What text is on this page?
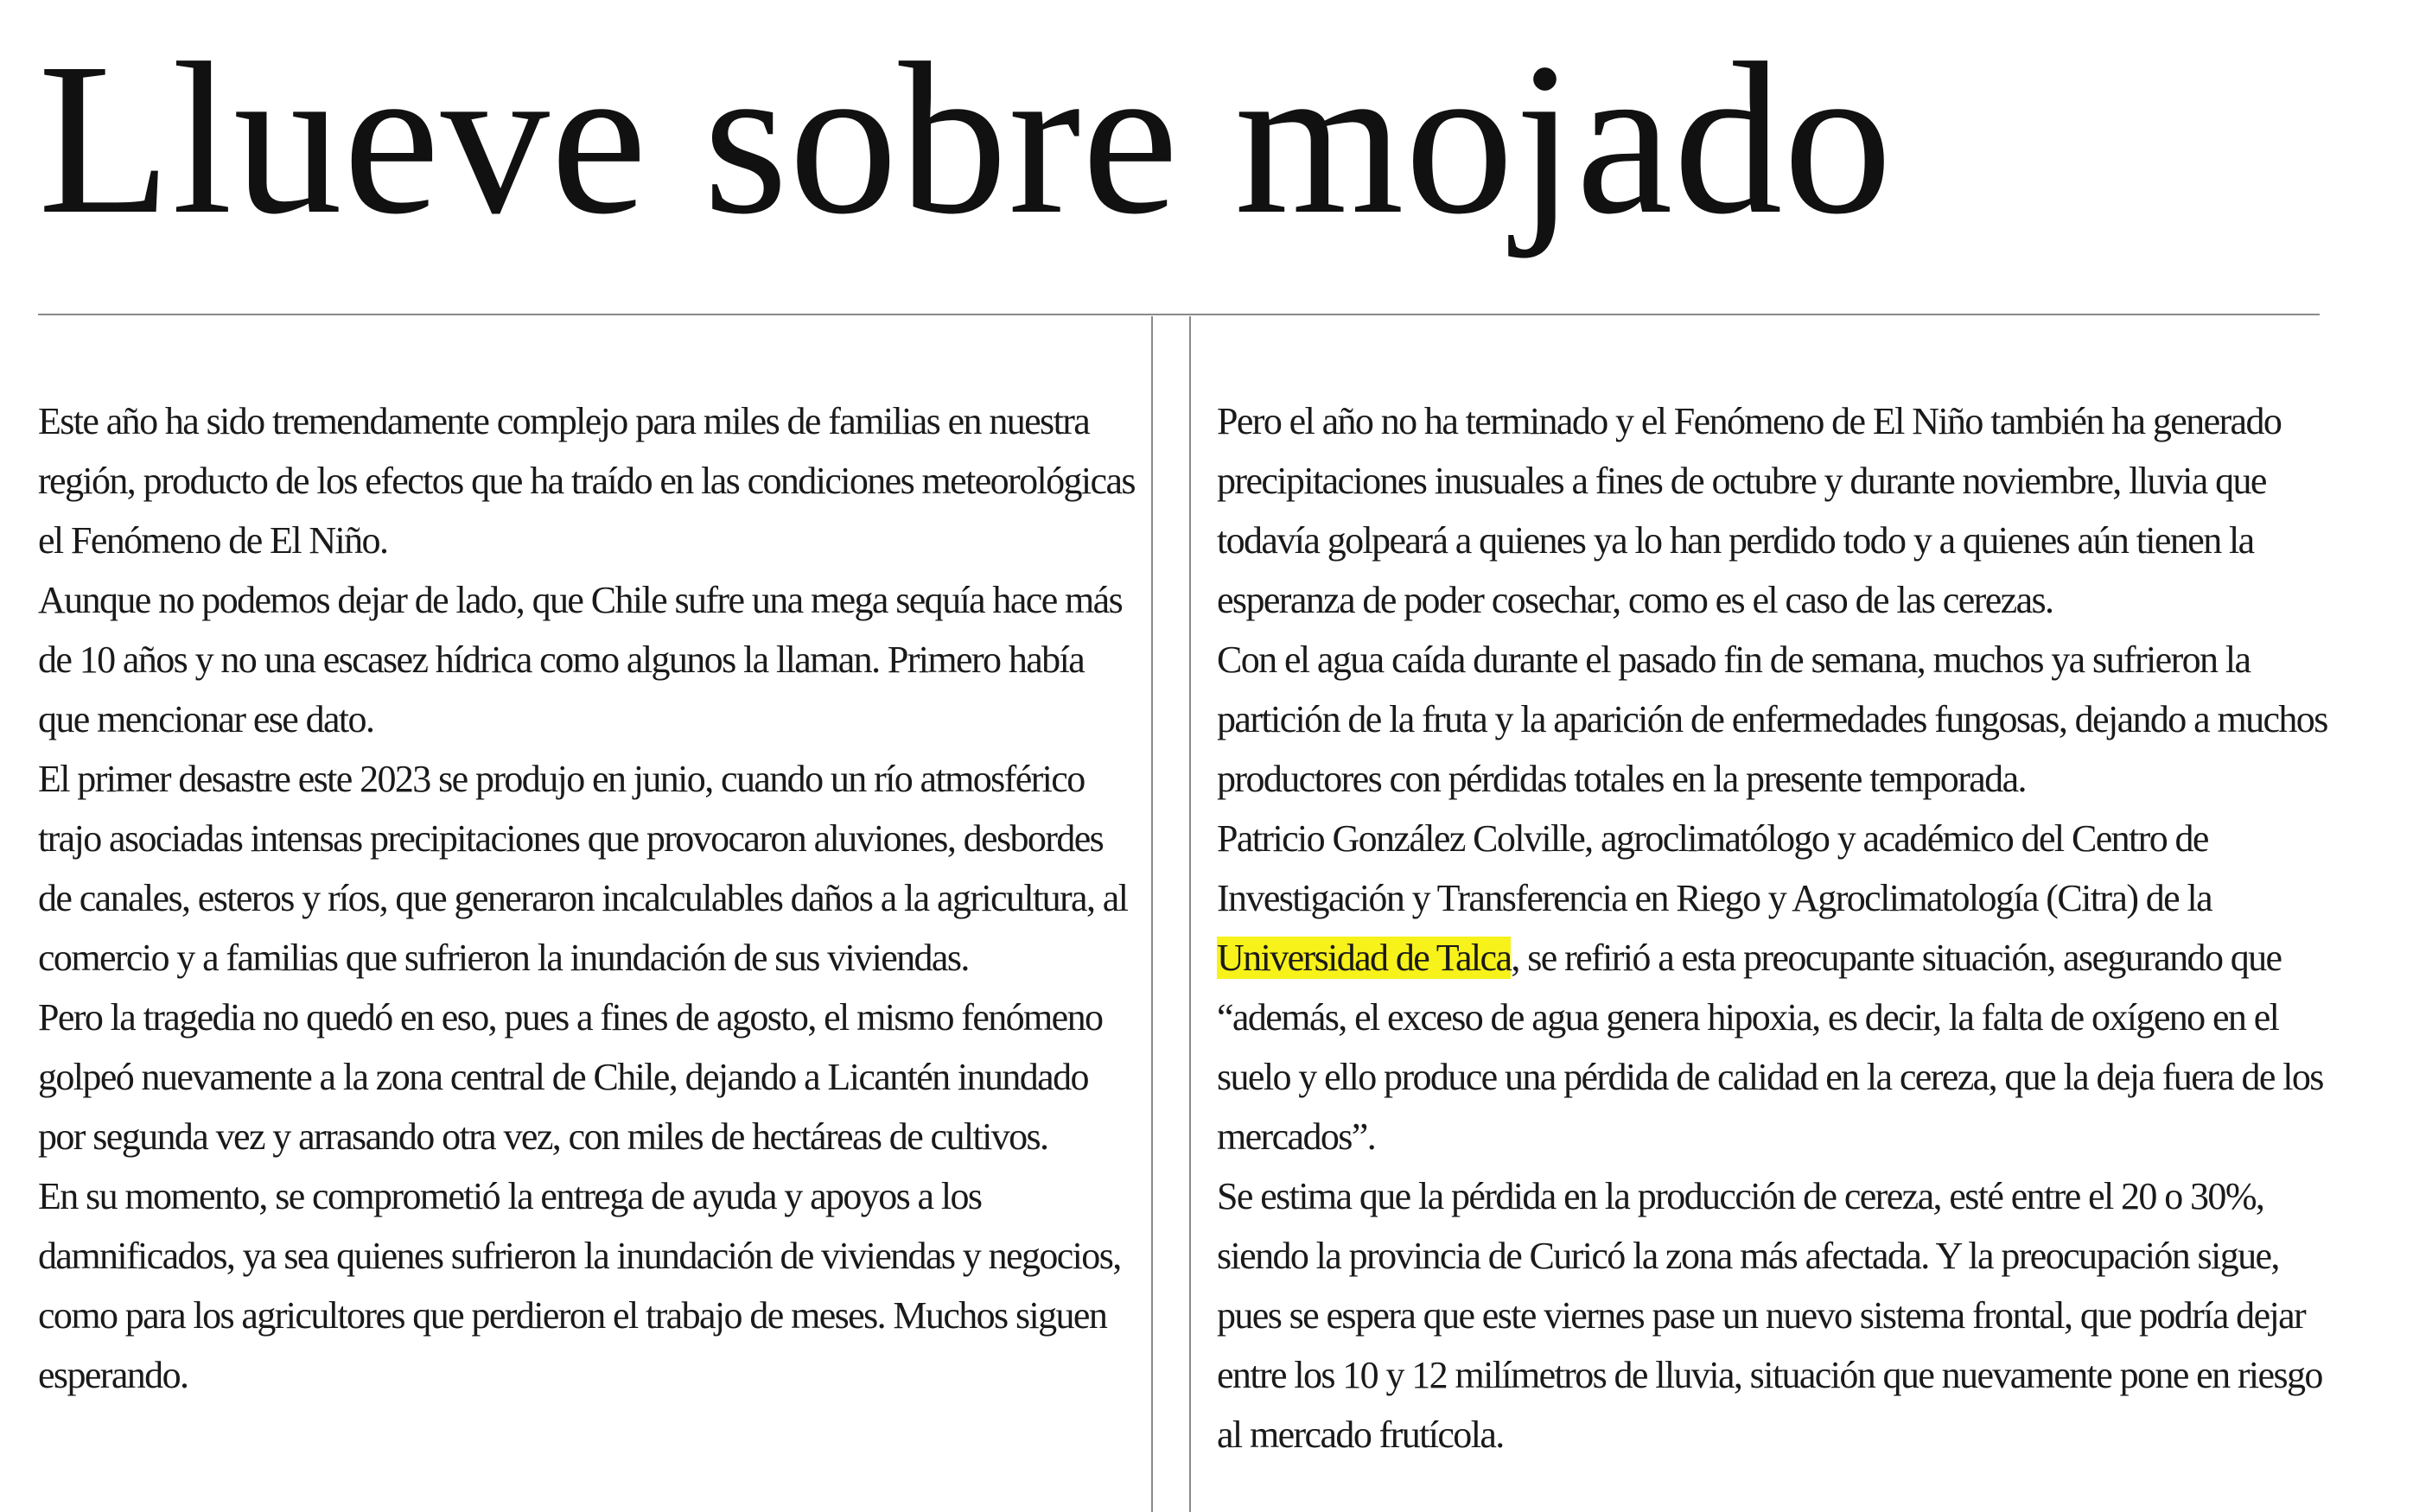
Llueve sobre mojado

Este año ha sido tremendamente complejo para miles de familias en nuestra región, producto de los efectos que ha traído en las condiciones meteorológicas el Fenómeno de El Niño.

Aunque no podemos dejar de lado, que Chile sufre una mega sequía hace más de 10 años y no una escasez hídrica como algunos la llaman. Primero había que mencionar ese dato.

El primer desastre este 2023 se produjo en junio, cuando un río atmosférico trajo asociadas intensas precipitaciones que provocaron aluviones, desbordes de canales, esteros y ríos, que generaron incalculables daños a la agricultura, al comercio y a familias que sufrieron la inundación de sus viviendas.

Pero la tragedia no quedó en eso, pues a fines de agosto, el mismo fenómeno golpeó nuevamente a la zona central de Chile, dejando a Licantén inundado por segunda vez y arrasando otra vez, con miles de hectáreas de cultivos.

En su momento, se comprometió la entrega de ayuda y apoyos a los damnificados, ya sea quienes sufrieron la inundación de viviendas y negocios, como para los agricultores que perdieron el trabajo de meses. Muchos siguen esperando.

Pero el año no ha terminado y el Fenómeno de El Niño también ha generado precipitaciones inusuales a fines de octubre y durante noviembre, lluvia que todavía golpeará a quienes ya lo han perdido todo y a quienes aún tienen la esperanza de poder cosechar, como es el caso de las cerezas.

Con el agua caída durante el pasado fin de semana, muchos ya sufrieron la partición de la fruta y la aparición de enfermedades fungosas, dejando a muchos productores con pérdidas totales en la presente temporada.

Patricio González Colville, agroclimatólogo y académico del Centro de Investigación y Transferencia en Riego y Agroclimatología (Citra) de la Universidad de Talca, se refirió a esta preocupante situación, asegurando que “además, el exceso de agua genera hipoxia, es decir, la falta de oxígeno en el suelo y ello produce una pérdida de calidad en la cereza, que la deja fuera de los mercados”.

Se estima que la pérdida en la producción de cereza, esté entre el 20 o 30%, siendo la provincia de Curicó la zona más afectada. Y la preocupación sigue, pues se espera que este viernes pase un nuevo sistema frontal, que podría dejar entre los 10 y 12 milímetros de lluvia, situación que nuevamente pone en riesgo al mercado frutícola.
